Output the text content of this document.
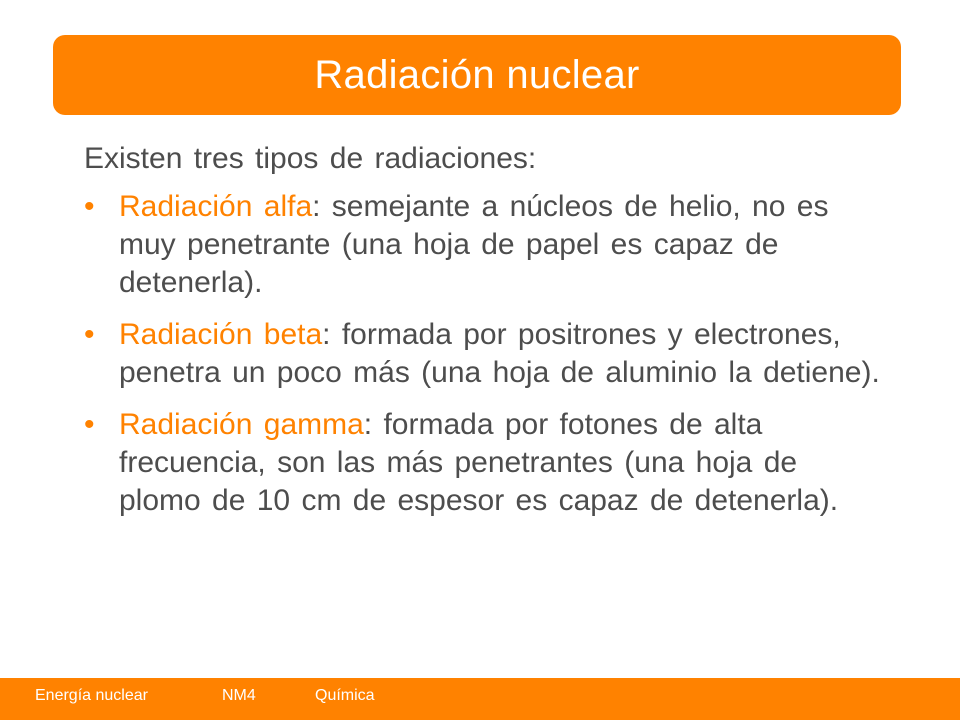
Radiación nuclear

Existen tres tipos de radiaciones:

• Radiación alfa: semejante a núcleos de helio, no es muy penetrante (una hoja de papel es capaz de detenerla).
• Radiación beta: formada por positrones y electrones, penetra un poco más (una hoja de aluminio la detiene).
• Radiación gamma: formada por fotones de alta frecuencia, son las más penetrantes (una hoja de plomo de 10 cm de espesor es capaz de detenerla).
Energía nuclear	NM4	Química
